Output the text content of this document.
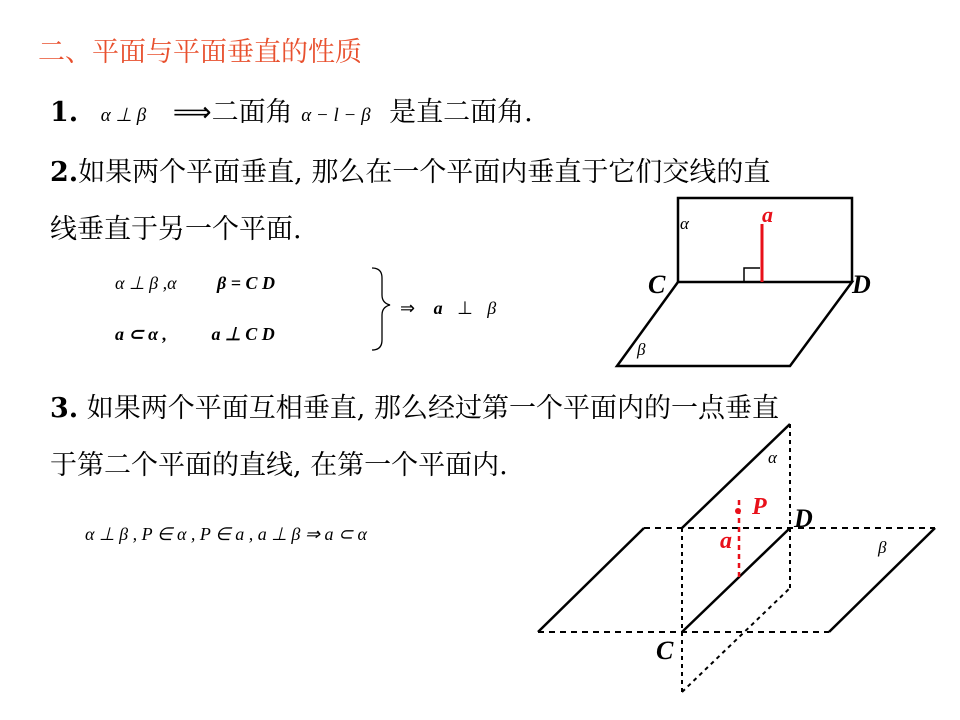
二、平面与平面垂直的性质
1. α ⊥ β ⟹二面角 α − l − β 是直二面角.
2.如果两个平面垂直, 那么在一个平面内垂直于它们交线的直
线垂直于另一个平面.
α ⊥ β ,α β = C D
a ⊂ α , a ⊥ C D
⇒ a ⊥ β
3. 如果两个平面互相垂直, 那么经过第一个平面内的一点垂直
于第二个平面的直线, 在第一个平面内.
α ⊥ β , P ∈ α , P ∈ a , a ⊥ β ⇒ a ⊂ α
α
β
a
C	D
α
β
P
a
C
D
